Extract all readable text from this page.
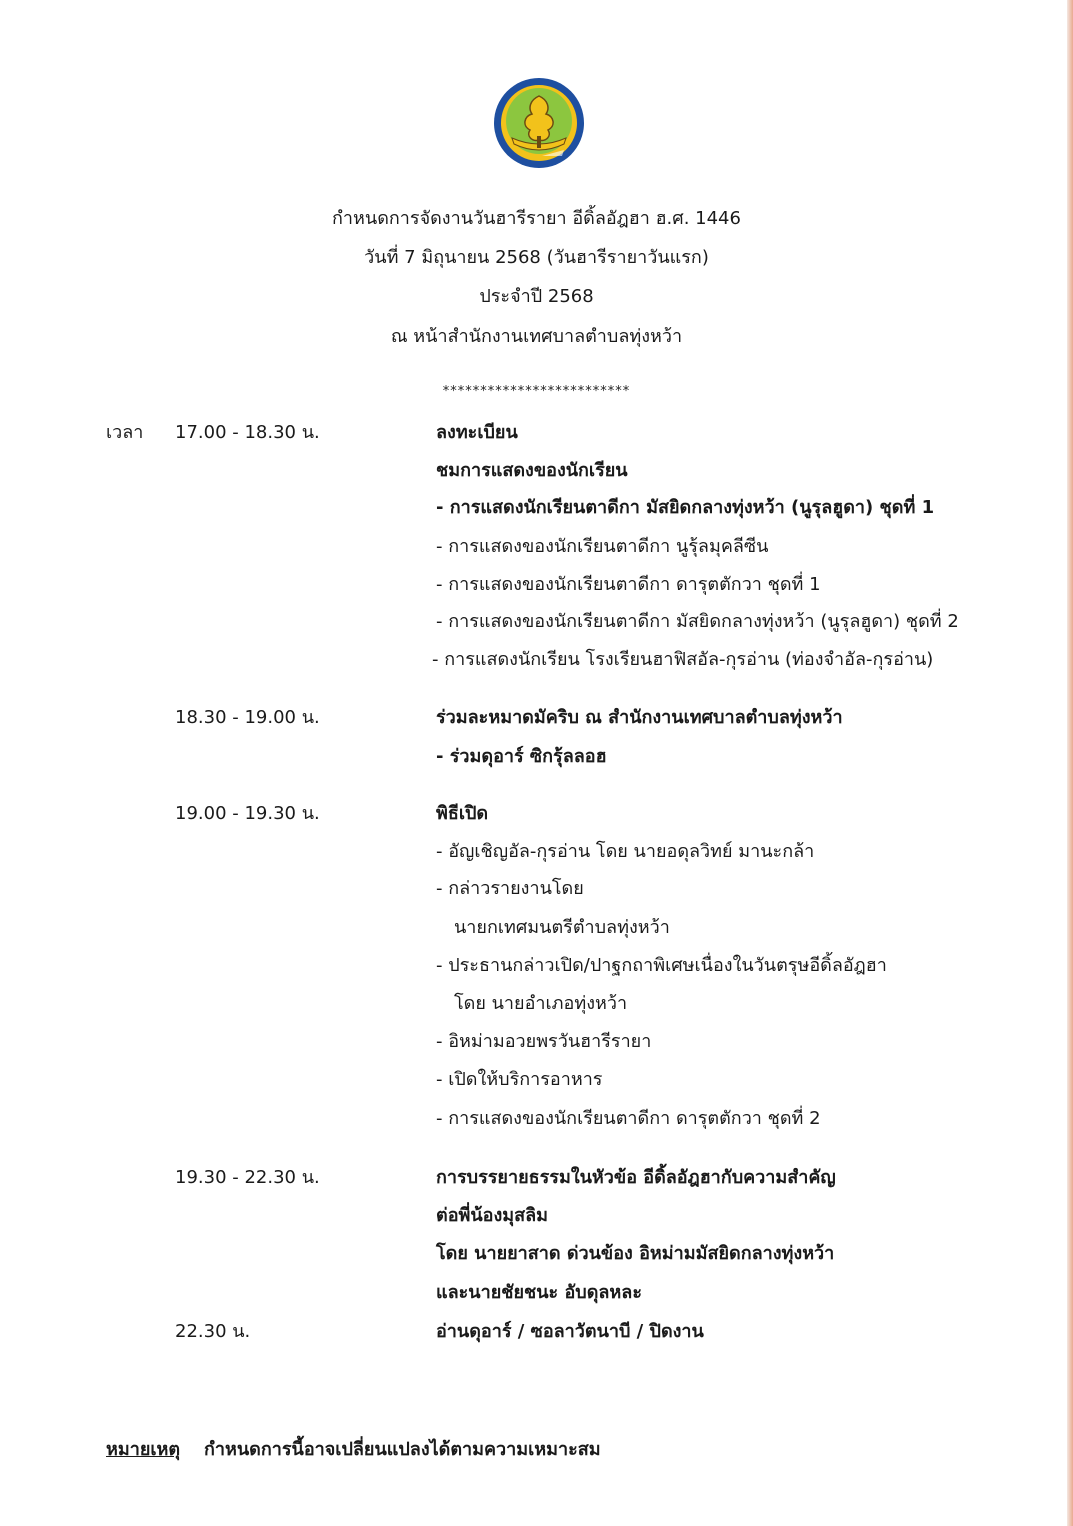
กำหนดการจัดงานวันฮารีรายา อีดิ้ลอัฎฮา ฮ.ศ. 1446
วันที่ 7 มิถุนายน 2568 (วันฮารีรายาวันแรก)
ประจำปี 2568
ณ หน้าสำนักงานเทศบาลตำบลทุ่งหว้า
*************************
เวลา 17.00 - 18.30 น.	ลงทะเบียน
ชมการแสดงของนักเรียน
- การแสดงนักเรียนตาดีกา มัสยิดกลางทุ่งหว้า (นูรุลฮูดา) ชุดที่ 1
- การแสดงของนักเรียนตาดีกา นูรุ้ลมุคลีซีน
- การแสดงของนักเรียนตาดีกา ดารุตตักวา ชุดที่ 1
- การแสดงของนักเรียนตาดีกา มัสยิดกลางทุ่งหว้า (นูรุลฮูดา) ชุดที่ 2
- การแสดงนักเรียน โรงเรียนฮาฟิสอัล-กุรอ่าน (ท่องจำอัล-กุรอ่าน)
18.30 - 19.00 น.	ร่วมละหมาดมัคริบ ณ สำนักงานเทศบาลตำบลทุ่งหว้า
- ร่วมดุอาร์ ซิกรุ้ลลอฮ
19.00 - 19.30 น.	พิธีเปิด
- อัญเชิญอัล-กุรอ่าน โดย นายอดุลวิทย์ มานะกล้า
- กล่าวรายงานโดย
นายกเทศมนตรีตำบลทุ่งหว้า
- ประธานกล่าวเปิด/ปาฐกถาพิเศษเนื่องในวันตรุษอีดิ้ลอัฎฮา
โดย นายอำเภอทุ่งหว้า
- อิหม่ามอวยพรวันฮารีรายา
- เปิดให้บริการอาหาร
- การแสดงของนักเรียนตาดีกา ดารุตตักวา ชุดที่ 2
19.30 - 22.30 น.	การบรรยายธรรมในหัวข้อ อีดิ้ลอัฎฮากับความสำคัญ
ต่อพี่น้องมุสลิม
โดย นายยาสาด ด่วนข้อง อิหม่ามมัสยิดกลางทุ่งหว้า
และนายชัยชนะ อับดุลหละ
22.30 น.	อ่านดุอาร์ / ซอลาวัตนาบี / ปิดงาน
หมายเหตุ กำหนดการนี้อาจเปลี่ยนแปลงได้ตามความเหมาะสม
